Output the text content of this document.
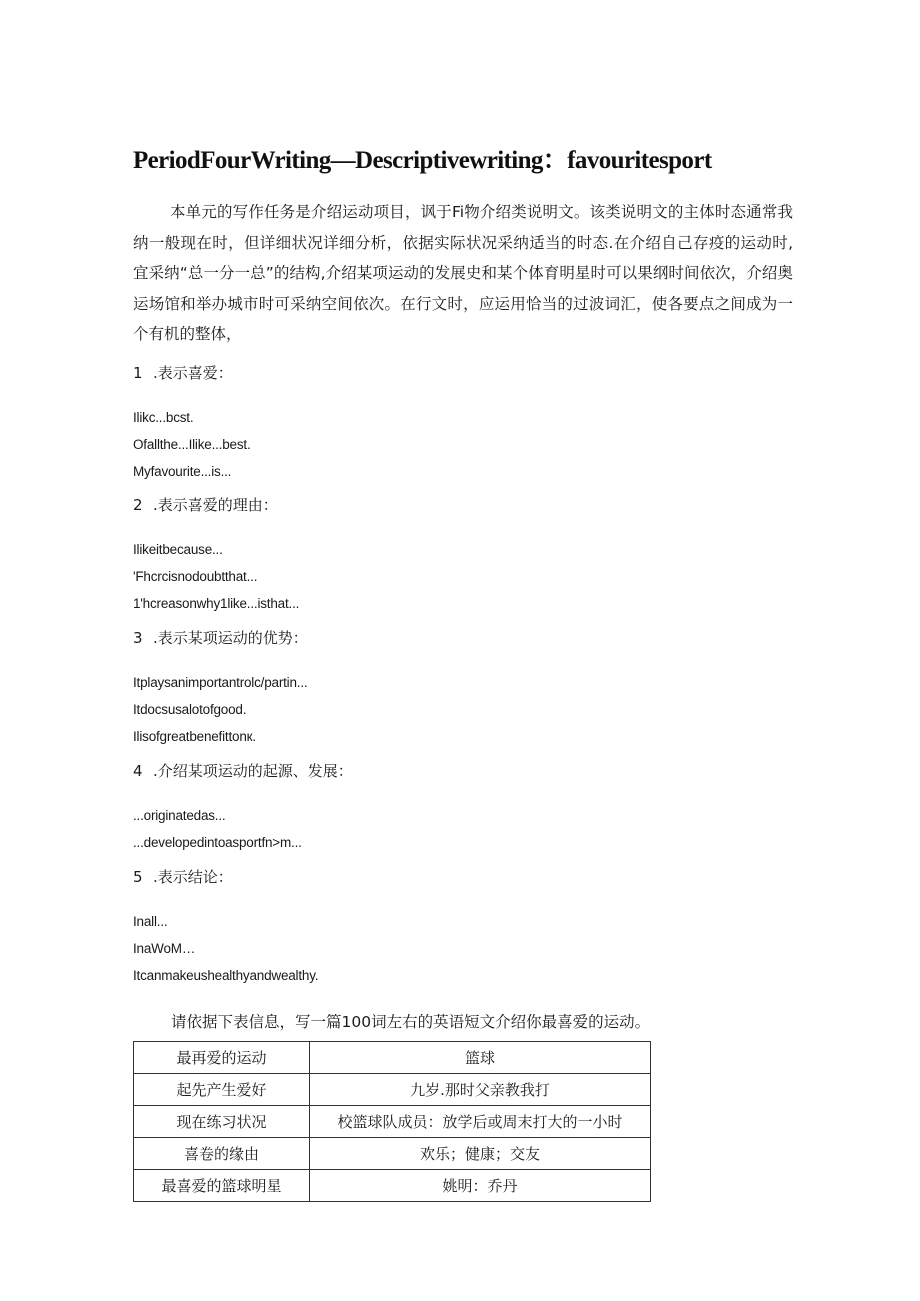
PeriodFourWriting—Descriptivewriting：favouritesport

本单元的写作任务是介绍运动项目，讽于Fi物介绍类说明文。该类说明文的主体时态通常我纳一般现在时，但详细状况详细分析，依据实际状况采纳适当的时态.在介绍自己存疫的运动时,宜采纳“总一分一总”的结构,介绍某项运动的发展史和某个体育明星时可以果纲时间依次，介绍奥运场馆和举办城市时可采纳空间依次。在行文时，应运用恰当的过波词汇，使各要点之间成为一个有机的整体，

1 .表示喜爱：

Ilikc...bcst.

Ofallthe...Ilike...best.

Myfavourite...is...

2 .表示喜爱的理由：

Ilikeitbecause...

'Fhcrcisnodoubtthat...

1'hcreasonwhy1like...isthat...

3 .表示某项运动的优势：

Itplaysanimportantrolc/partin...

Itdocsusalotofgood.

Ilisofgreatbenefittonк.

4 .介绍某项运动的起源、发展：

...originatedas...

...developedintoasportfn>m...

5 .表示结论：

Inall...

InaWoM…

Itcanmakeushealthyandwealthy.

请依据下表信息，写一篇100词左右的英语短文介绍你最喜爱的运动。

最再爱的运动	篮球
起先产生爱好	九岁.那时父亲教我打
现在练习状况	校篮球队成员：放学后或周末打大的一小时
喜卷的缘由	欢乐；健康；交友
最喜爱的篮球明星	姚明：乔丹
